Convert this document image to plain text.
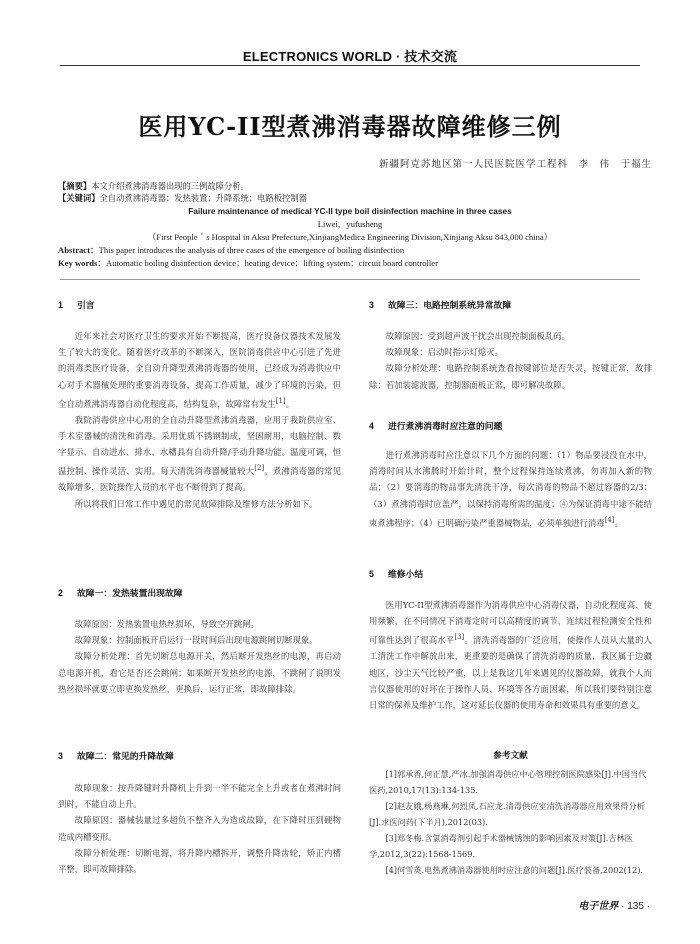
ELECTRONICS WORLD · 技术交流
医用YC-II型煮沸消毒器故障维修三例
新疆阿克苏地区第一人民医院医学工程科　李　伟　于福生
【摘要】本文介绍煮沸消毒器出现的三例故障分析。
【关键词】全自动煮沸消毒器；发热装置；升降系统；电路板控制器
Failure maintenance of medical YC-II type boil disinfection machine in three cases
Liwei，yufusheng
（First People＇s Hospital in Aksu Prefecture,XinjiangMedica Engineering Division,Xinjiang Aksu 843,000 china）
Abstract：This paper introduces the analysis of three cases of the emergence of boiling disinfection
Key words：Automatic boiling disinfection device；heating device；lifting system；circuit board controller
1 引言

近年来社会对医疗卫生的要求开始不断提高，医疗设备仪器技术发展发生了较大的变化。随着医疗改革的不断深入，医院消毒供应中心引进了先进的消毒类医疗设备，全自动升降型煮沸消毒器的使用，已经成为消毒供应中心对手术器械处理的重要消毒设备，提高工作质量，减少了环境的污染，但全自动煮沸消毒器自动化程度高，结构复杂，故障常有发生[1]。

我院消毒供应中心用的全自动升降型煮沸消毒器，应用于我院供应室、手术室器械的清洗和消毒。采用优质不锈钢制成，坚固耐用，电脑控制、数字显示、自动进水、排水、水槽具有自动升降/手动升降功能。温度可调，恒温控制、操作灵活、实用。每天清洗消毒器械量较大[2]。煮沸消毒器的常见故障增多，医院操作人员的水平也不断得到了提高。

所以将我们日常工作中遇见的常见故障排除及维修方法分析如下。

2 故障一：发热装置出现故障

故障原因：发热装置电热丝损坏，导致空开跳闸。

故障现象：控制面板开启运行一段时间后出现电源跳闸切断现象。

故障分析处理：首先切断总电源开关，然后断开发热丝的电源，再启动总电源开机，看它是否还会跳闸；如果断开发热丝的电源，不跳闸了说明发热丝损坏就要立即更换发热丝，更换后，运行正常，即故障排除。

3 故障二：常见的升降故障

故障现象：按升降键时升降机上升到一半不能完全上升或者在煮沸时间到时，不能自动上升。

故障原因：器械装量过多超负不整齐入为造成故障，在下降时压到硬物造成内槽变形。

故障分析处理：切断电源，将升降内槽拆开，调整升降齿轮，矫正内槽平整，即可故障排除。

3 故障三：电路控制系统异常故障

故障原因：受到超声波干扰会出现控制面板乱码。

故障现象：启动时指示灯熄灭。

故障分析处理：电路控制系统查看按键部位是否失灵，按键正常，故排除；若加装滤波器，控制器面板正常，即可解决故障。

4 进行煮沸消毒时应注意的问题

进行煮沸消毒时应注意以下几个方面的问题：（1）物品要浸没在水中，消毒时间从水沸腾时开始计时，整个过程保持连续煮沸，勿再加入新的物品；（2）要消毒的物品事先清洗干净，每次消毒的物品不超过容器的2/3；（3）煮沸消毒时应盖严，以保持消毒所需的温度；④为保证消毒中途不能结束煮沸程序；（4）已明确污染严重器械物品，必须单独进行消毒[4]。

5 维修小结

医用YC-II型煮沸消毒器作为消毒供应中心消毒仪器，自动化程度高、使用频繁，在不同情况下消毒定时可以高精度的调节，连续过程检测安全性和可靠性达到了很高水平[3]。清洗消毒器的广泛应用，使操作人员从大量的人工清洗工作中解放出来，更重要的是确保了清洗消毒的质量，我区属于边疆地区，沙尘天气比较严重，以上是我这几年来遇见的仪器故障，就我个人而言仪器使用的好坏在于操作人员、环境等各方面因素，所以我们要特别注意日常的保养及维护工作，这对延长仪器的使用寿命和效果具有重要的意义。

参考文献

[1]郭承香,何正慧,严冰.加强消毒供应中心管理控制医院感染[J].中国当代医药,2010,17(13):134-135.

[2]赵友娥,杨燕琳,何烈凤,石应龙.清毒供应室清洗消毒器应用效果得分析[J].求医问药(下半月),2012(03).

[3]郑冬梅.含氯消毒剂引起手术器械锈蚀的影响因素及对策[J].吉林医学,2012,3(22):1568-1569.

[4]何雪英.电热煮沸消毒器使用时应注意的问题[J].医疗装备,2002(12).

电子世界 · 135 ·
